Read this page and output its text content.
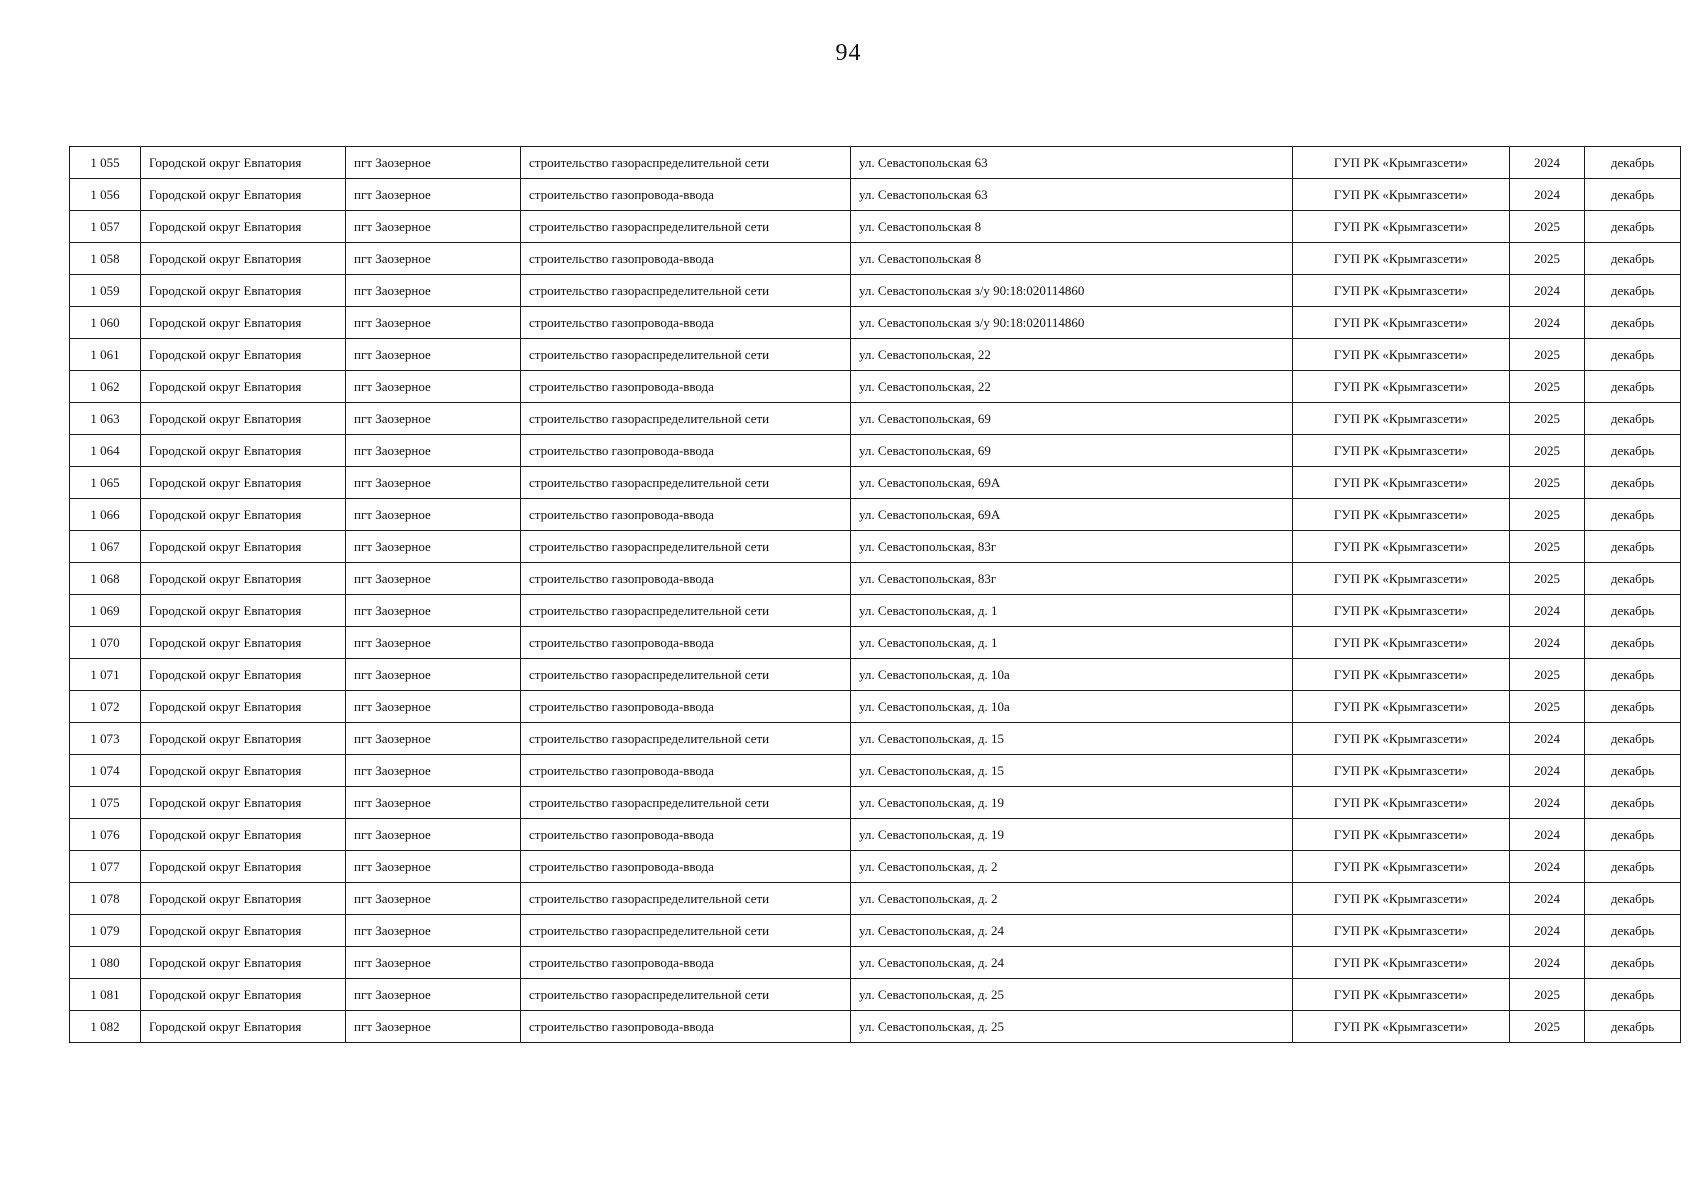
94
1 055	Городской округ Евпатория	пгт Заозерное	строительство газораспределительной сети	ул. Севастопольская 63	ГУП РК «Крымгазсети»	2024	декабрь
1 056	Городской округ Евпатория	пгт Заозерное	строительство газопровода-ввода	ул. Севастопольская 63	ГУП РК «Крымгазсети»	2024	декабрь
1 057	Городской округ Евпатория	пгт Заозерное	строительство газораспределительной сети	ул. Севастопольская 8	ГУП РК «Крымгазсети»	2025	декабрь
1 058	Городской округ Евпатория	пгт Заозерное	строительство газопровода-ввода	ул. Севастопольская 8	ГУП РК «Крымгазсети»	2025	декабрь
1 059	Городской округ Евпатория	пгт Заозерное	строительство газораспределительной сети	ул. Севастопольская з/у 90:18:020114860	ГУП РК «Крымгазсети»	2024	декабрь
1 060	Городской округ Евпатория	пгт Заозерное	строительство газопровода-ввода	ул. Севастопольская з/у 90:18:020114860	ГУП РК «Крымгазсети»	2024	декабрь
1 061	Городской округ Евпатория	пгт Заозерное	строительство газораспределительной сети	ул. Севастопольская, 22	ГУП РК «Крымгазсети»	2025	декабрь
1 062	Городской округ Евпатория	пгт Заозерное	строительство газопровода-ввода	ул. Севастопольская, 22	ГУП РК «Крымгазсети»	2025	декабрь
1 063	Городской округ Евпатория	пгт Заозерное	строительство газораспределительной сети	ул. Севастопольская, 69	ГУП РК «Крымгазсети»	2025	декабрь
1 064	Городской округ Евпатория	пгт Заозерное	строительство газопровода-ввода	ул. Севастопольская, 69	ГУП РК «Крымгазсети»	2025	декабрь
1 065	Городской округ Евпатория	пгт Заозерное	строительство газораспределительной сети	ул. Севастопольская, 69А	ГУП РК «Крымгазсети»	2025	декабрь
1 066	Городской округ Евпатория	пгт Заозерное	строительство газопровода-ввода	ул. Севастопольская, 69А	ГУП РК «Крымгазсети»	2025	декабрь
1 067	Городской округ Евпатория	пгт Заозерное	строительство газораспределительной сети	ул. Севастопольская, 83г	ГУП РК «Крымгазсети»	2025	декабрь
1 068	Городской округ Евпатория	пгт Заозерное	строительство газопровода-ввода	ул. Севастопольская, 83г	ГУП РК «Крымгазсети»	2025	декабрь
1 069	Городской округ Евпатория	пгт Заозерное	строительство газораспределительной сети	ул. Севастопольская, д. 1	ГУП РК «Крымгазсети»	2024	декабрь
1 070	Городской округ Евпатория	пгт Заозерное	строительство газопровода-ввода	ул. Севастопольская, д. 1	ГУП РК «Крымгазсети»	2024	декабрь
1 071	Городской округ Евпатория	пгт Заозерное	строительство газораспределительной сети	ул. Севастопольская, д. 10а	ГУП РК «Крымгазсети»	2025	декабрь
1 072	Городской округ Евпатория	пгт Заозерное	строительство газопровода-ввода	ул. Севастопольская, д. 10а	ГУП РК «Крымгазсети»	2025	декабрь
1 073	Городской округ Евпатория	пгт Заозерное	строительство газораспределительной сети	ул. Севастопольская, д. 15	ГУП РК «Крымгазсети»	2024	декабрь
1 074	Городской округ Евпатория	пгт Заозерное	строительство газопровода-ввода	ул. Севастопольская, д. 15	ГУП РК «Крымгазсети»	2024	декабрь
1 075	Городской округ Евпатория	пгт Заозерное	строительство газораспределительной сети	ул. Севастопольская, д. 19	ГУП РК «Крымгазсети»	2024	декабрь
1 076	Городской округ Евпатория	пгт Заозерное	строительство газопровода-ввода	ул. Севастопольская, д. 19	ГУП РК «Крымгазсети»	2024	декабрь
1 077	Городской округ Евпатория	пгт Заозерное	строительство газопровода-ввода	ул. Севастопольская, д. 2	ГУП РК «Крымгазсети»	2024	декабрь
1 078	Городской округ Евпатория	пгт Заозерное	строительство газораспределительной сети	ул. Севастопольская, д. 2	ГУП РК «Крымгазсети»	2024	декабрь
1 079	Городской округ Евпатория	пгт Заозерное	строительство газораспределительной сети	ул. Севастопольская, д. 24	ГУП РК «Крымгазсети»	2024	декабрь
1 080	Городской округ Евпатория	пгт Заозерное	строительство газопровода-ввода	ул. Севастопольская, д. 24	ГУП РК «Крымгазсети»	2024	декабрь
1 081	Городской округ Евпатория	пгт Заозерное	строительство газораспределительной сети	ул. Севастопольская, д. 25	ГУП РК «Крымгазсети»	2025	декабрь
1 082	Городской округ Евпатория	пгт Заозерное	строительство газопровода-ввода	ул. Севастопольская, д. 25	ГУП РК «Крымгазсети»	2025	декабрь
